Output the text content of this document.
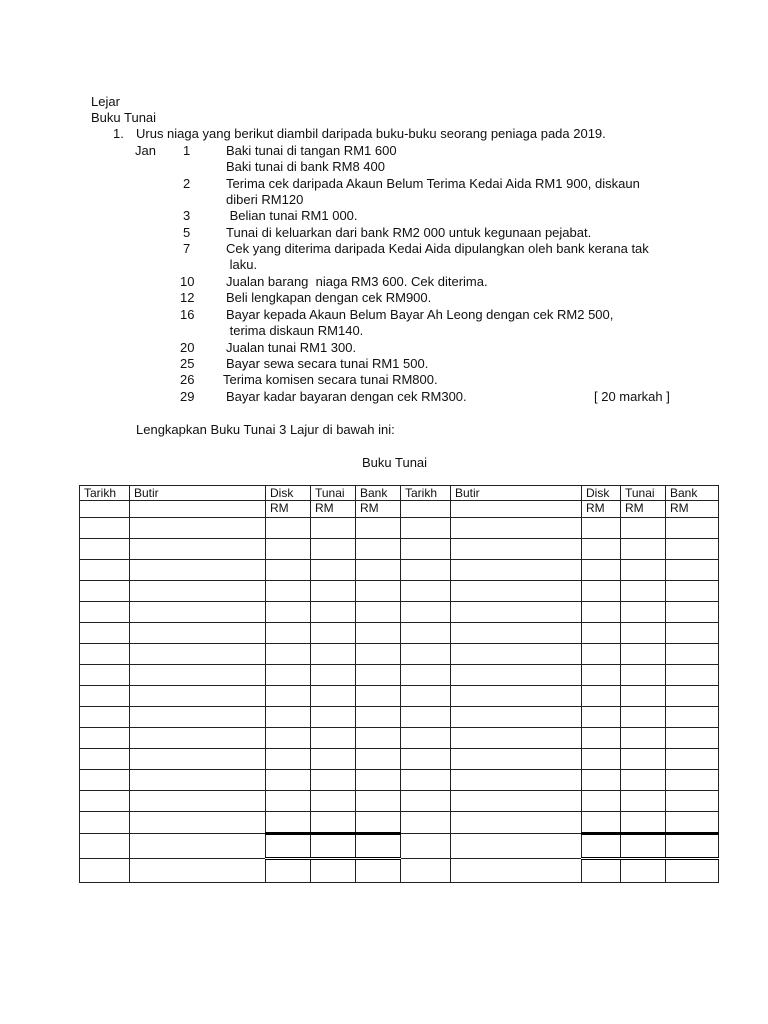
Lejar
Buku Tunai
1. Urus niaga yang berikut diambil daripada buku-buku seorang peniaga pada 2019.
Jan 1	Baki tunai di tangan RM1 600
Baki tunai di bank RM8 400
2	Terima cek daripada Akaun Belum Terima Kedai Aida RM1 900, diskaun
diberi RM120
3	Belian tunai RM1 000.
5	Tunai di keluarkan dari bank RM2 000 untuk kegunaan pejabat.
7	Cek yang diterima daripada Kedai Aida dipulangkan oleh bank kerana tak
laku.
10 Jualan barang  niaga RM3 600. Cek diterima.
12 Beli lengkapan dengan cek RM900.
16 Bayar kepada Akaun Belum Bayar Ah Leong dengan cek RM2 500,
terima diskaun RM140.
20 Jualan tunai RM1 300.
25 Bayar sewa secara tunai RM1 500.
26 Terima komisen secara tunai RM800.
29 Bayar kadar bayaran dengan cek RM300.	[ 20 markah ]
Lengkapkan Buku Tunai 3 Lajur di bawah ini:
Buku Tunai
Tarikh	Butir	Disk	Tunai	Bank	Tarikh	Butir	Disk	Tunai	Bank
		RM	RM	RM			RM	RM	RM
